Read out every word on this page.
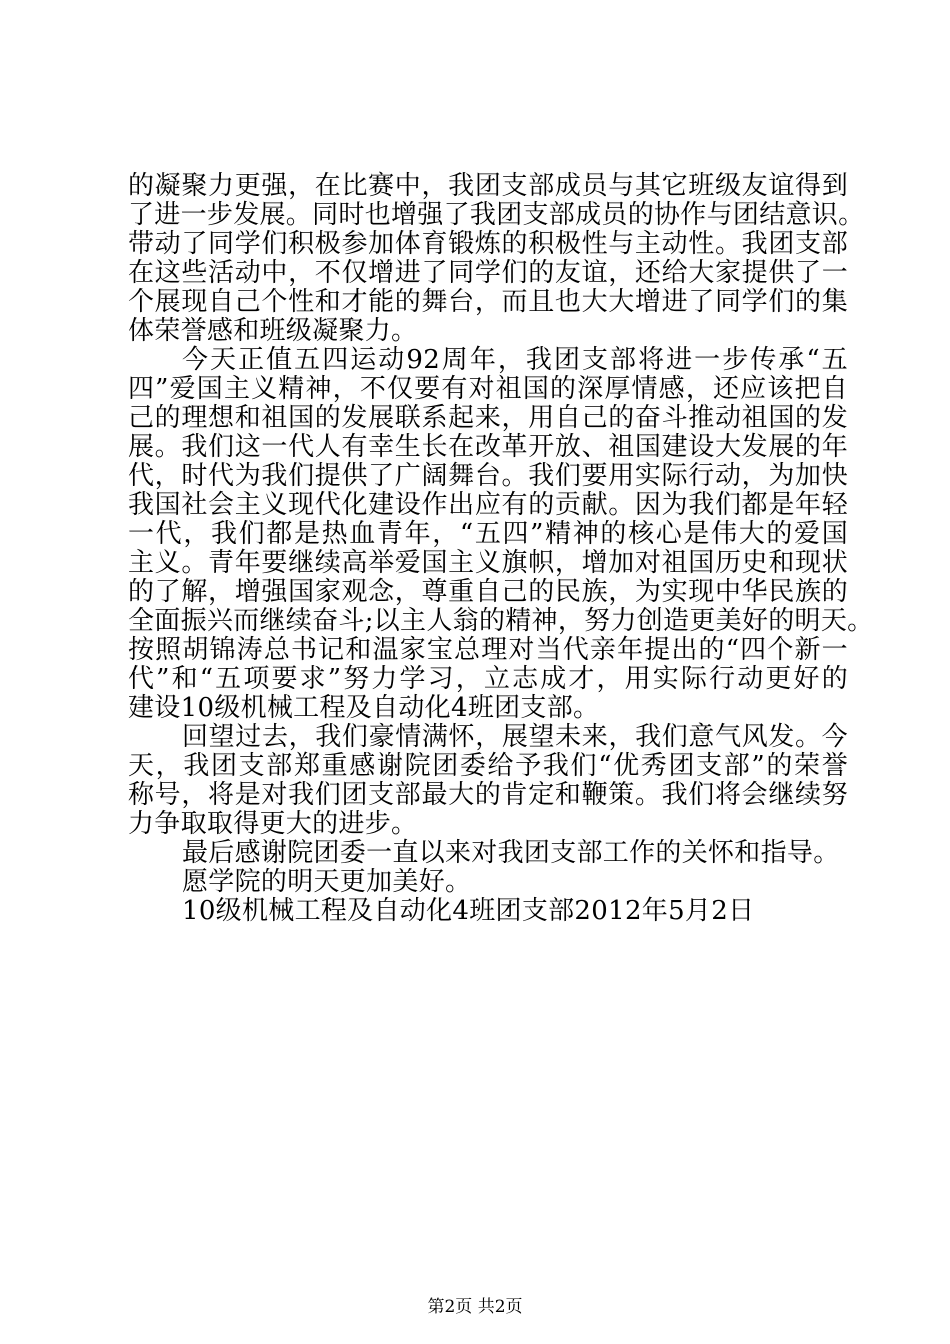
的凝聚力更强，在比赛中，我团支部成员与其它班级友谊得到
了进一步发展。同时也增强了我团支部成员的协作与团结意识。
带动了同学们积极参加体育锻炼的积极性与主动性。我团支部
在这些活动中，不仅增进了同学们的友谊，还给大家提供了一
个展现自己个性和才能的舞台，而且也大大增进了同学们的集
体荣誉感和班级凝聚力。
今天正值五四运动92周年，我团支部将进一步传承“五
四”爱国主义精神，不仅要有对祖国的深厚情感，还应该把自
己的理想和祖国的发展联系起来，用自己的奋斗推动祖国的发
展。我们这一代人有幸生长在改革开放、祖国建设大发展的年
代，时代为我们提供了广阔舞台。我们要用实际行动，为加快
我国社会主义现代化建设作出应有的贡献。因为我们都是年轻
一代，我们都是热血青年，“五四”精神的核心是伟大的爱国
主义。青年要继续高举爱国主义旗帜，增加对祖国历史和现状
的了解，增强国家观念，尊重自己的民族，为实现中华民族的
全面振兴而继续奋斗;以主人翁的精神，努力创造更美好的明天。
按照胡锦涛总书记和温家宝总理对当代亲年提出的“四个新一
代”和“五项要求”努力学习，立志成才，用实际行动更好的
建设10级机械工程及自动化4班团支部。
回望过去，我们豪情满怀，展望未来，我们意气风发。今
天，我团支部郑重感谢院团委给予我们“优秀团支部”的荣誉
称号，将是对我们团支部最大的肯定和鞭策。我们将会继续努
力争取取得更大的进步。
最后感谢院团委一直以来对我团支部工作的关怀和指导。
愿学院的明天更加美好。
10级机械工程及自动化4班团支部2012年5月2日
第2页 共2页
